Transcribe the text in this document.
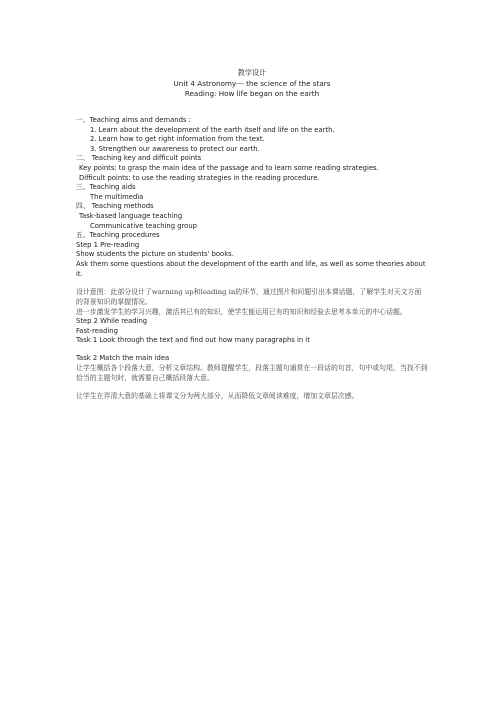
教学设计
Unit 4 Astronomy--- the science of the stars
Reading: How life began on the earth
一、Teaching aims and demands :
1. Learn about the development of the earth itself and life on the earth.
2. Learn how to get right information from the text.
3. Strengthen our awareness to protect our earth.
二、 Teaching key and difficult points
Key points: to grasp the main idea of the passage and to learn some reading strategies.
Difficult points: to use the reading strategies in the reading procedure.
三、Teaching aids
The multimedia
四、 Teaching methods
Task-based language teaching
Communicative teaching group
五、Teaching procedures
Step 1 Pre-reading
Show students the picture on students' books.
Ask them some questions about the development of the earth and life, as well as some theories about it.
设计意图：此部分设计了warming up和leading in的环节，通过图片和问题引出本课话题，了解学生对天文方面的背景知识的掌握情况。
进一步激发学生的学习兴趣，激活其已有的知识，使学生能运用已有的知识和经验去思考本单元的中心话题。
Step 2 While reading
Fast-reading
Task 1 Look through the text and find out how many paragraphs in it
Task 2 Match the main idea
让学生概括各个段落大意，分析文章结构。教师提醒学生，段落主题句通常在一段话的句首，句中或句尾，当找不到恰当的主题句时，就需要自己概括段落大意。
让学生在弄清大意的基础上将课文分为两大部分，从而降低文章阅读难度，增加文章层次感。
